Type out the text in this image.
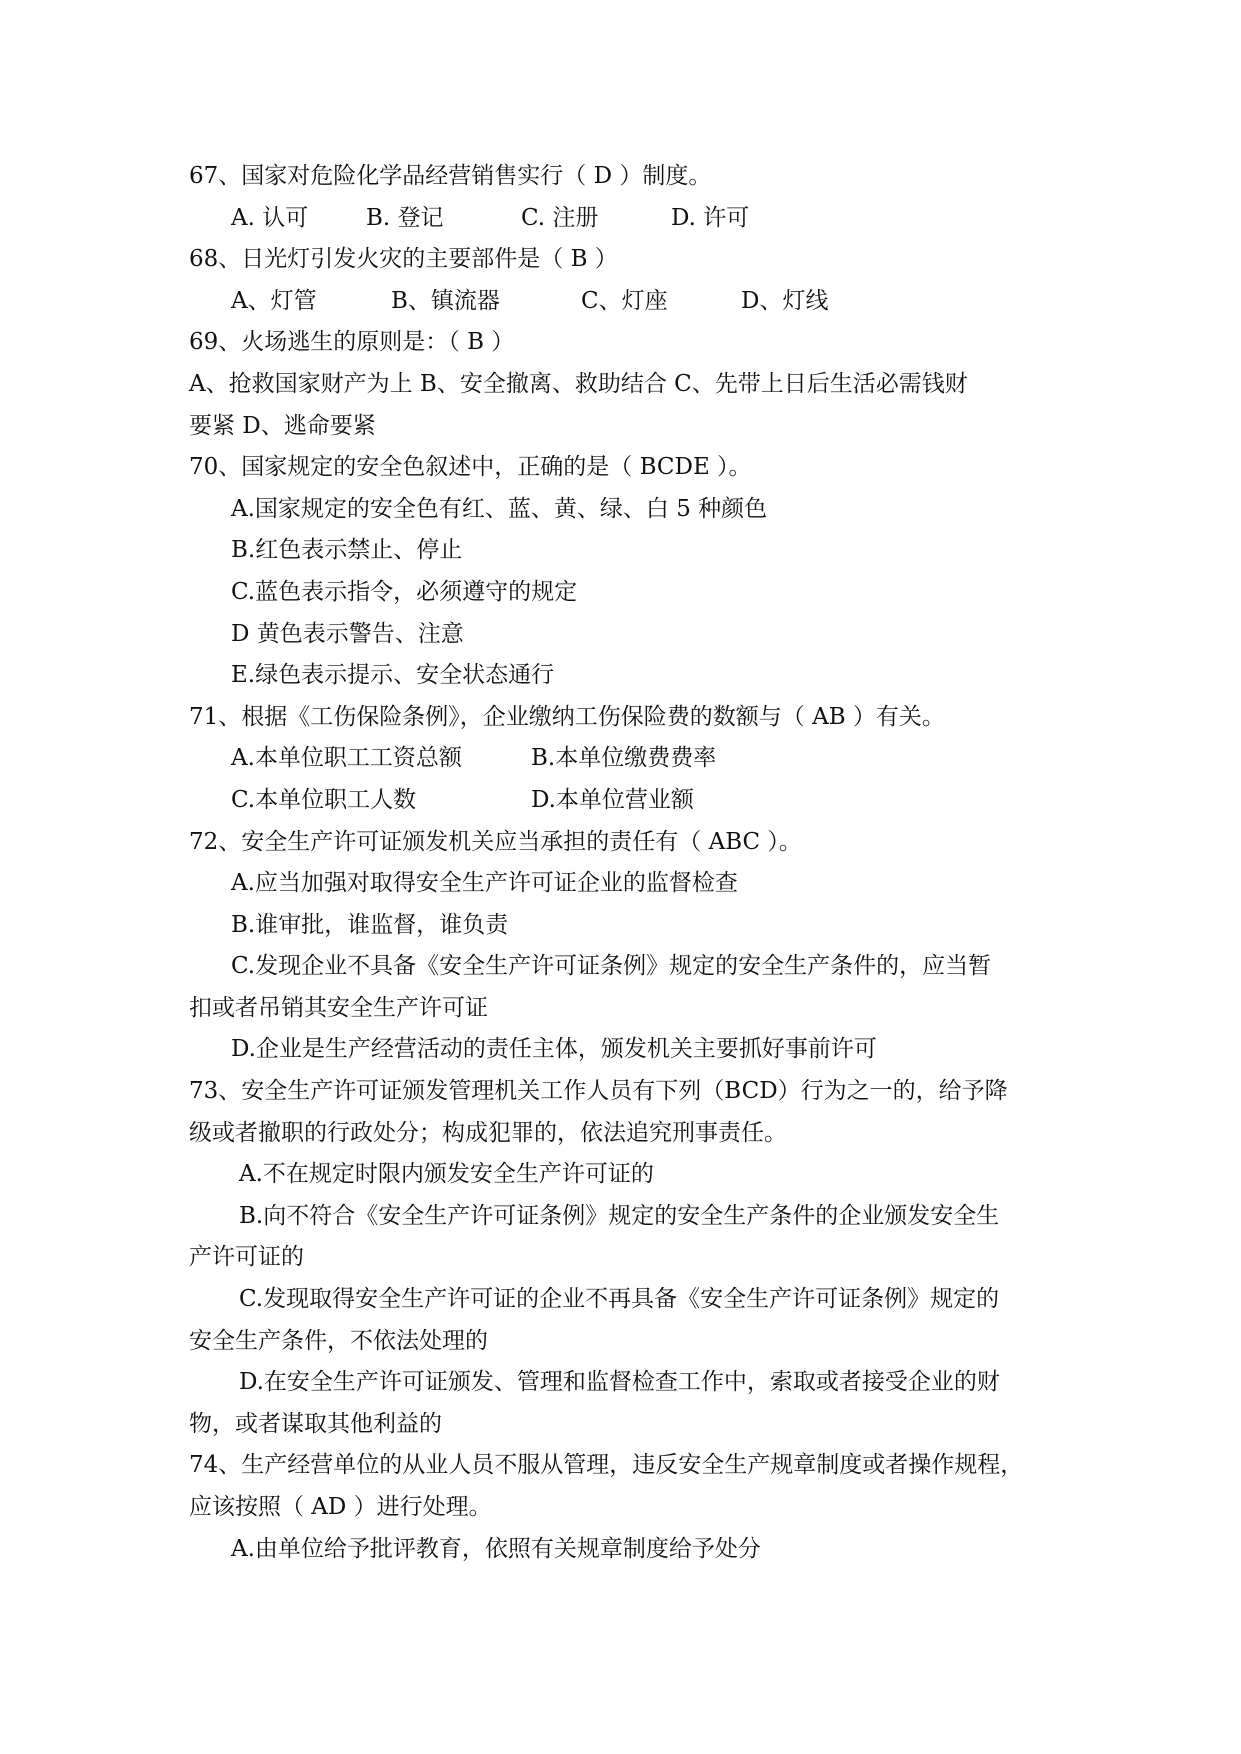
67、国家对危险化学品经营销售实行（ D ）制度。
A. 认可	B. 登记	C. 注册	D. 许可
68、日光灯引发火灾的主要部件是（ B ）
A、灯管	B、镇流器	C、灯座	D、灯线
69、火场逃生的原则是：（ B ）
A、抢救国家财产为上 B、安全撤离、救助结合 C、先带上日后生活必需钱财
要紧 D、逃命要紧
70、国家规定的安全色叙述中，正确的是（ BCDE ）。
A.国家规定的安全色有红、蓝、黄、绿、白 5 种颜色
B.红色表示禁止、停止
C.蓝色表示指令，必须遵守的规定
D 黄色表示警告、注意
E.绿色表示提示、安全状态通行
71、根据《工伤保险条例》，企业缴纳工伤保险费的数额与（ AB ）有关。
A.本单位职工工资总额	B.本单位缴费费率
C.本单位职工人数	D.本单位营业额
72、安全生产许可证颁发机关应当承担的责任有（ ABC ）。
A.应当加强对取得安全生产许可证企业的监督检查
B.谁审批，谁监督，谁负责
C.发现企业不具备《安全生产许可证条例》规定的安全生产条件的，应当暂
扣或者吊销其安全生产许可证
D.企业是生产经营活动的责任主体，颁发机关主要抓好事前许可
73、安全生产许可证颁发管理机关工作人员有下列（BCD）行为之一的，给予降
级或者撤职的行政处分；构成犯罪的，依法追究刑事责任。
A.不在规定时限内颁发安全生产许可证的
B.向不符合《安全生产许可证条例》规定的安全生产条件的企业颁发安全生
产许可证的
C.发现取得安全生产许可证的企业不再具备《安全生产许可证条例》规定的
安全生产条件，不依法处理的
D.在安全生产许可证颁发、管理和监督检查工作中，索取或者接受企业的财
物，或者谋取其他利益的
74、生产经营单位的从业人员不服从管理，违反安全生产规章制度或者操作规程，
应该按照（ AD ）进行处理。
A.由单位给予批评教育，依照有关规章制度给予处分
